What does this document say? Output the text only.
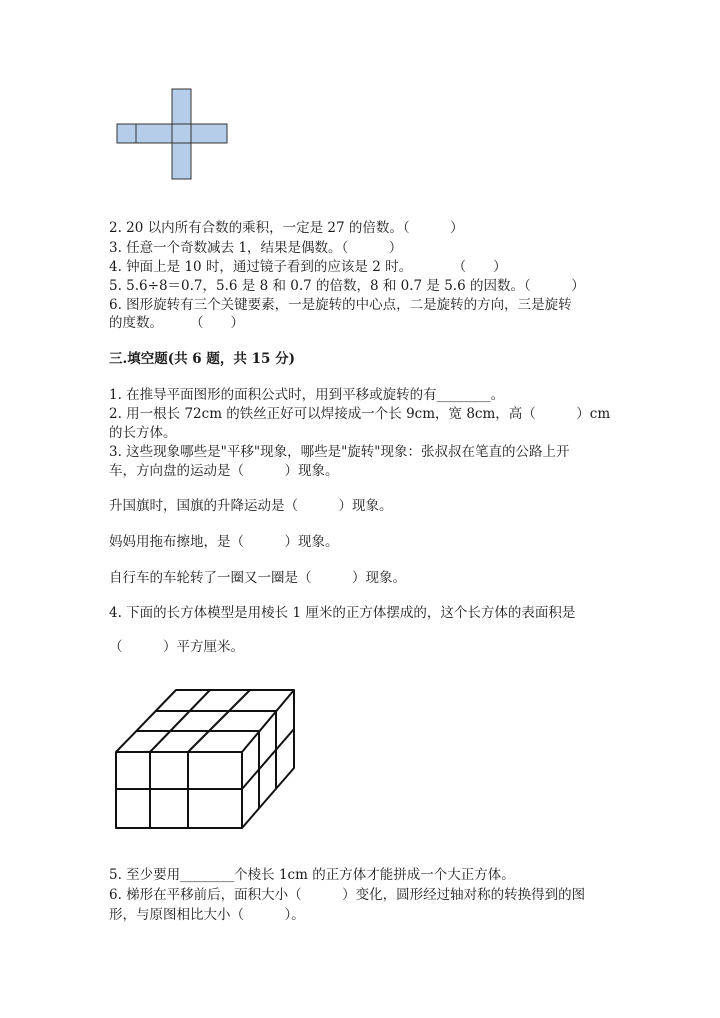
2. 20 以内所有合数的乘积，一定是 27 的倍数。（　　　）
3. 任意一个奇数减去 1，结果是偶数。（　　　）
4. 钟面上是 10 时，通过镜子看到的应该是 2 时。　　　　（　　）
5. 5.6÷8＝0.7，5.6 是 8 和 0.7 的倍数，8 和 0.7 是 5.6 的因数。（　　　）
6. 图形旋转有三个关键要素，一是旋转的中心点，二是旋转的方向，三是旋转
的度数。　　　（　　）
三.填空题(共 6 题，共 15 分)
1. 在推导平面图形的面积公式时，用到平移或旋转的有________。
2. 用一根长 72cm 的铁丝正好可以焊接成一个长 9cm，宽 8cm，高（　　　）cm
的长方体。
3. 这些现象哪些是"平移"现象，哪些是"旋转"现象：张叔叔在笔直的公路上开
车，方向盘的运动是（　　　）现象。
升国旗时，国旗的升降运动是（　　　）现象。
妈妈用拖布擦地，是（　　　）现象。
自行车的车轮转了一圈又一圈是（　　　）现象。
4. 下面的长方体模型是用棱长 1 厘米的正方体摆成的，这个长方体的表面积是
（　　　）平方厘米。
5. 至少要用________个棱长 1cm 的正方体才能拼成一个大正方体。
6. 梯形在平移前后，面积大小（　　　）变化，圆形经过轴对称的转换得到的图
形，与原图相比大小（　　　）。
